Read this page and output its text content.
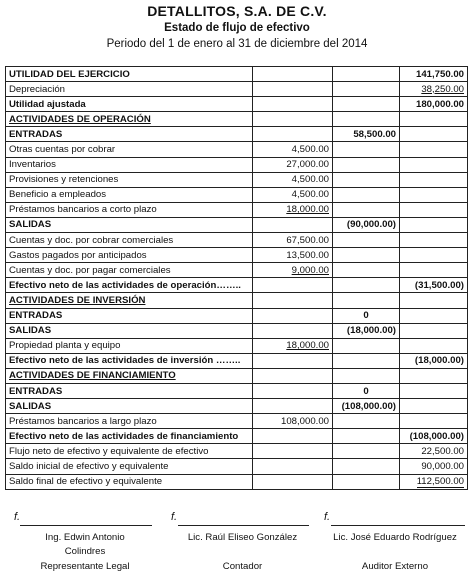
DETALLITOS, S.A. DE C.V.
Estado de flujo de efectivo
Periodo del 1 de enero al 31 de diciembre del 2014
UTILIDAD DEL EJERCICIO			141,750.00
Depreciación			38,250.00
Utilidad ajustada			180,000.00
ACTIVIDADES DE OPERACIÓN			
ENTRADAS		58,500.00	
Otras cuentas por cobrar	4,500.00		
Inventarios	27,000.00		
Provisiones y retenciones	4,500.00		
Beneficio a empleados	4,500.00		
Préstamos bancarios a corto plazo	18,000.00		
SALIDAS		(90,000.00)	
Cuentas y doc. por cobrar comerciales	67,500.00		
Gastos pagados por anticipados	13,500.00		
Cuentas y doc. por pagar comerciales	9,000.00		
Efectivo neto de las actividades de operación……..			(31,500.00)
ACTIVIDADES DE INVERSIÓN			
ENTRADAS		0	
SALIDAS		(18,000.00)	
Propiedad planta y equipo	18,000.00		
Efectivo neto de las actividades de inversión ……..			(18,000.00)
ACTIVIDADES DE FINANCIAMIENTO			
ENTRADAS		0	
SALIDAS		(108,000.00)	
Préstamos bancarios a largo plazo	108,000.00		
Efectivo neto de las actividades de financiamiento			(108,000.00)
Flujo neto de efectivo y equivalente de efectivo			22,500.00
Saldo inicial de efectivo y equivalente			90,000.00
Saldo final de efectivo y equivalente			112,500.00
f.
Ing. Edwin Antonio
Colindres
Representante Legal
f.
Lic. Raúl Eliseo González
Contador
f.
Lic. José Eduardo Rodríguez
Auditor Externo
